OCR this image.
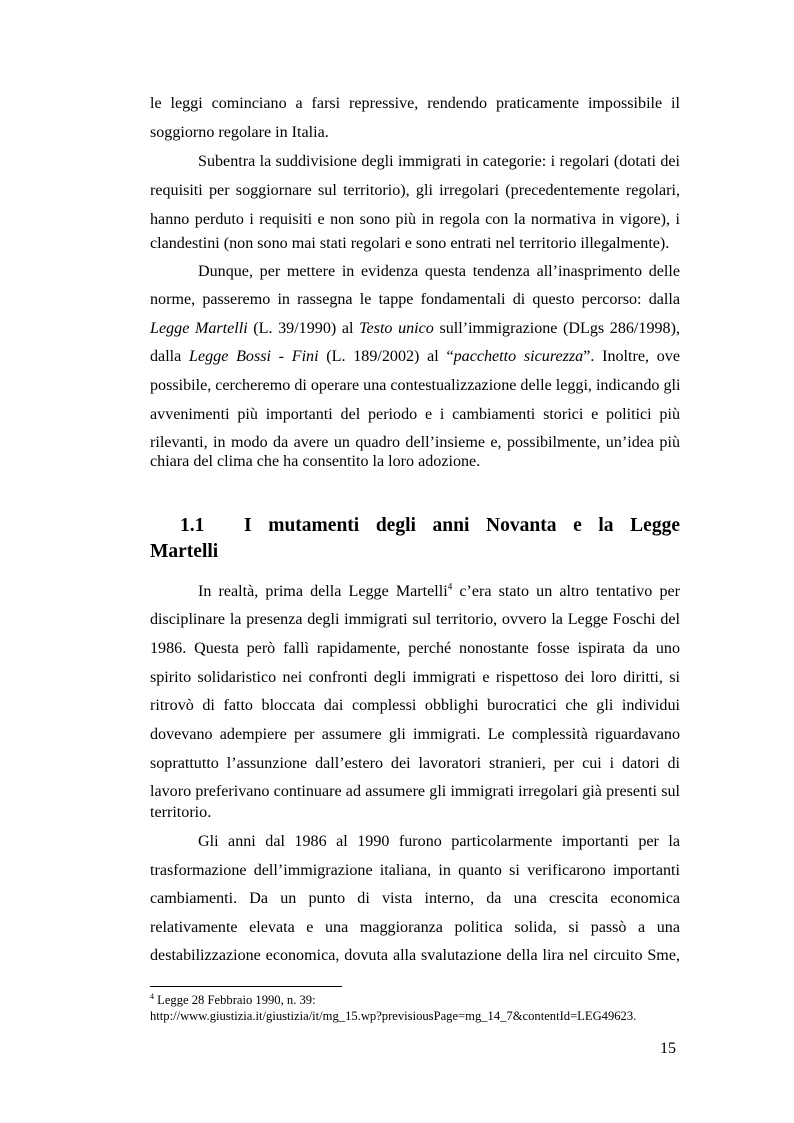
le leggi cominciano a farsi repressive, rendendo praticamente impossibile il
soggiorno regolare in Italia.
Subentra la suddivisione degli immigrati in categorie: i regolari (dotati dei
requisiti per soggiornare sul territorio), gli irregolari (precedentemente regolari,
hanno perduto i requisiti e non sono più in regola con la normativa in vigore), i
clandestini (non sono mai stati regolari e sono entrati nel territorio illegalmente).
Dunque, per mettere in evidenza questa tendenza all’inasprimento delle
norme, passeremo in rassegna le tappe fondamentali di questo percorso: dalla
Legge Martelli (L. 39/1990) al Testo unico sull’immigrazione (DLgs 286/1998),
dalla Legge Bossi - Fini (L. 189/2002) al “pacchetto sicurezza”. Inoltre, ove
possibile, cercheremo di operare una contestualizzazione delle leggi, indicando gli
avvenimenti più importanti del periodo e i cambiamenti storici e politici più
rilevanti, in modo da avere un quadro dell’insieme e, possibilmente, un’idea più
chiara del clima che ha consentito la loro adozione.
1.1 I mutamenti degli anni Novanta e la Legge
Martelli
In realtà, prima della Legge Martelli$^4$ c’era stato un altro tentativo per
disciplinare la presenza degli immigrati sul territorio, ovvero la Legge Foschi del
1986. Questa però fallì rapidamente, perché nonostante fosse ispirata da uno
spirito solidaristico nei confronti degli immigrati e rispettoso dei loro diritti, si
ritrovò di fatto bloccata dai complessi obblighi burocratici che gli individui
dovevano adempiere per assumere gli immigrati. Le complessità riguardavano
soprattutto l’assunzione dall’estero dei lavoratori stranieri, per cui i datori di
lavoro preferivano continuare ad assumere gli immigrati irregolari già presenti sul
territorio.
Gli anni dal 1986 al 1990 furono particolarmente importanti per la
trasformazione dell’immigrazione italiana, in quanto si verificarono importanti
cambiamenti. Da un punto di vista interno, da una crescita economica
relativamente elevata e una maggioranza politica solida, si passò a una
destabilizzazione economica, dovuta alla svalutazione della lira nel circuito Sme,
$^4$ Legge 28 Febbraio 1990, n. 39:
http://www.giustizia.it/giustizia/it/mg_15.wp?previsiousPage=mg_14_7&contentId=LEG49623.
15
